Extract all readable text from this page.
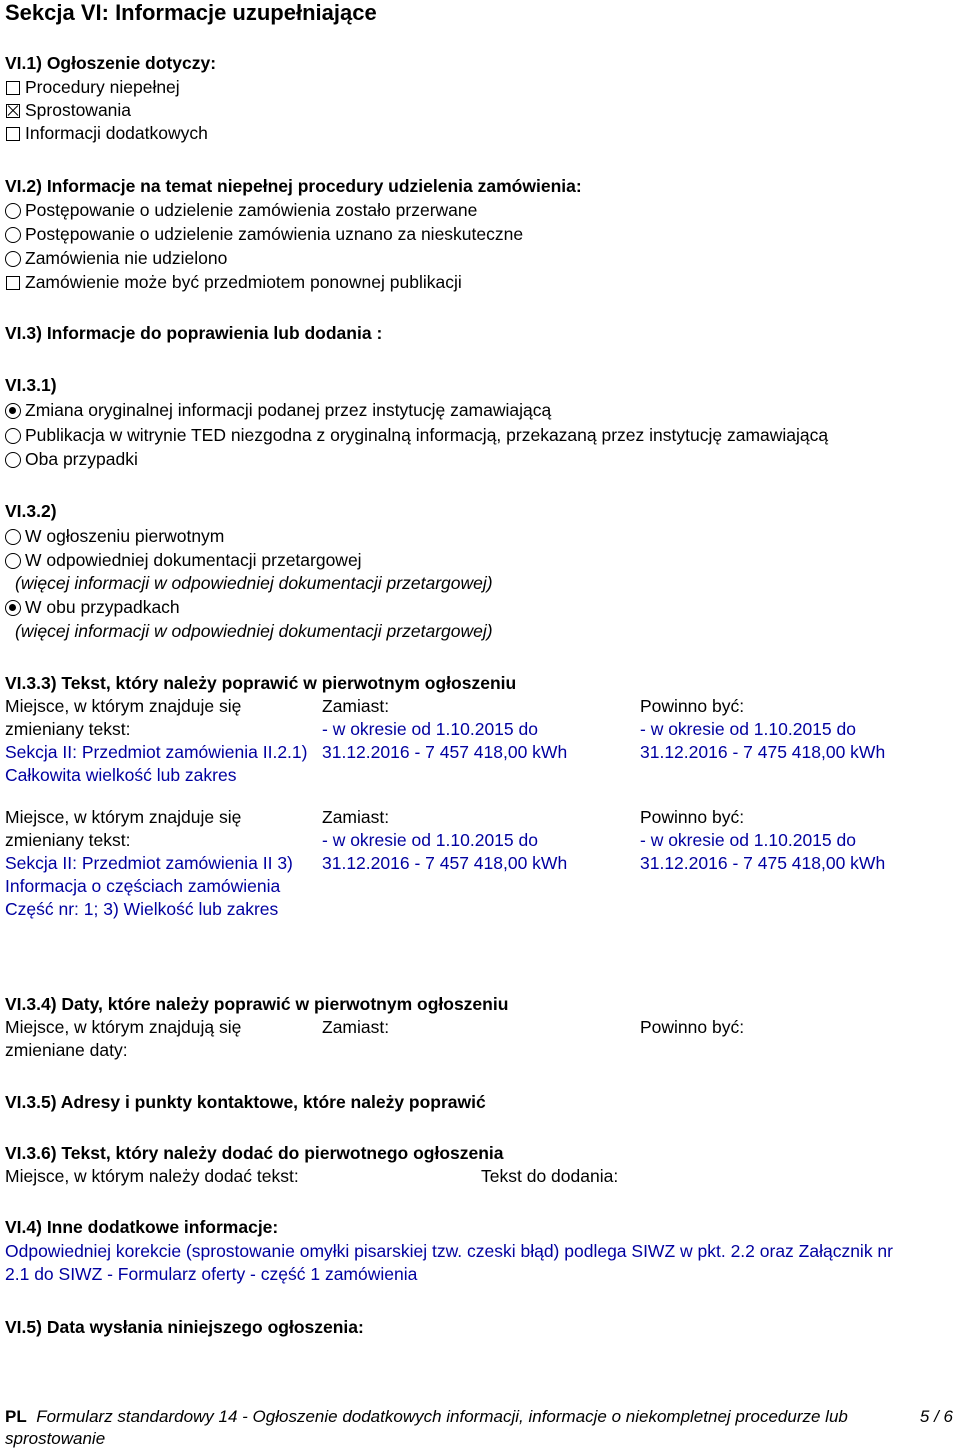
Sekcja VI: Informacje uzupełniające
VI.1) Ogłoszenie dotyczy:
Procedury niepełnej
Sprostowania
Informacji dodatkowych
VI.2) Informacje na temat niepełnej procedury udzielenia zamówienia:
Postępowanie o udzielenie zamówienia zostało przerwane
Postępowanie o udzielenie zamówienia uznano za nieskuteczne
Zamówienia nie udzielono
Zamówienie może być przedmiotem ponownej publikacji
VI.3) Informacje do poprawienia lub dodania :
VI.3.1)
Zmiana oryginalnej informacji podanej przez instytucję zamawiającą
Publikacja w witrynie TED niezgodna z oryginalną informacją, przekazaną przez instytucję zamawiającą
Oba przypadki
VI.3.2)
W ogłoszeniu pierwotnym
W odpowiedniej dokumentacji przetargowej
(więcej informacji w odpowiedniej dokumentacji przetargowej)
W obu przypadkach
(więcej informacji w odpowiedniej dokumentacji przetargowej)
VI.3.3) Tekst, który należy poprawić w pierwotnym ogłoszeniu
Miejsce, w którym znajduje się
zmieniany tekst:
Sekcja II: Przedmiot zamówienia II.2.1) Całkowita wielkość lub zakres
Zamiast:
- w okresie od 1.10.2015 do
31.12.2016 - 7 457 418,00 kWh
Powinno być:
- w okresie od 1.10.2015 do
31.12.2016 - 7 475 418,00 kWh
Miejsce, w którym znajduje się
zmieniany tekst:
Sekcja II: Przedmiot zamówienia II 3) Informacja o częściach zamówienia Część nr: 1; 3) Wielkość lub zakres
Zamiast:
- w okresie od 1.10.2015 do
31.12.2016 - 7 457 418,00 kWh
Powinno być:
- w okresie od 1.10.2015 do
31.12.2016 - 7 475 418,00 kWh
VI.3.4) Daty, które należy poprawić w pierwotnym ogłoszeniu
Miejsce, w którym znajdują się
zmieniane daty:
Zamiast:	Powinno być:
VI.3.5) Adresy i punkty kontaktowe, które należy poprawić
VI.3.6) Tekst, który należy dodać do pierwotnego ogłoszenia
Miejsce, w którym należy dodać tekst:	Tekst do dodania:
VI.4) Inne dodatkowe informacje:
Odpowiedniej korekcie (sprostowanie omyłki pisarskiej tzw. czeski błąd) podlega SIWZ w pkt. 2.2 oraz Załącznik nr 2.1 do SIWZ - Formularz oferty - część 1 zamówienia
VI.5) Data wysłania niniejszego ogłoszenia:
PL Formularz standardowy 14 - Ogłoszenie dodatkowych informacji, informacje o niekompletnej procedurze lub sprostowanie
5 / 6
